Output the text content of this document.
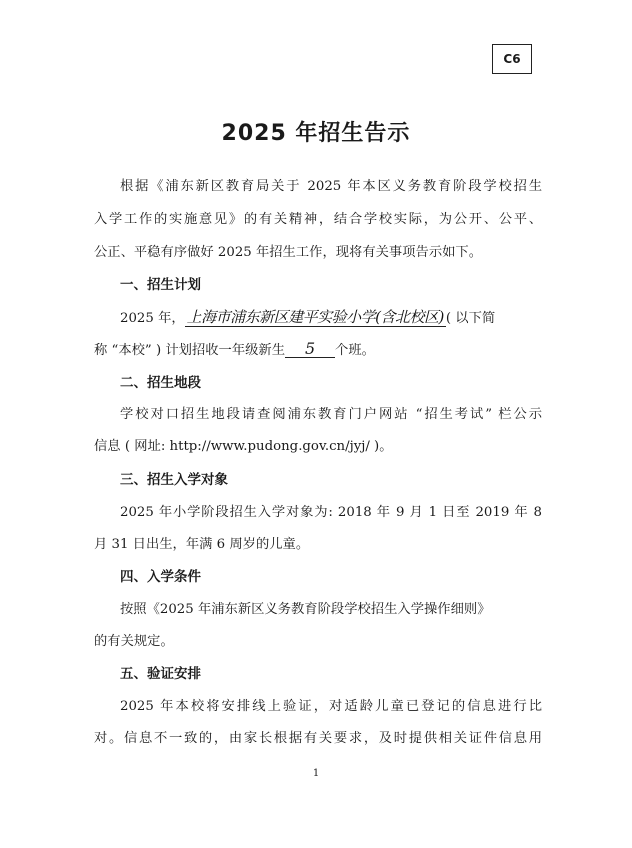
C6
2025 年招生告示
根据《浦东新区教育局关于 2025 年本区义务教育阶段学校招生
入学工作的实施意见》的有关精神，结合学校实际，为公开、公平、
公正、平稳有序做好 2025 年招生工作，现将有关事项告示如下。
一、招生计划
2025 年， 上海市浦东新区建平实验小学(含北校区) ( 以下简
称 “本校” ) 计划招收一年级新生 5 个班。
二、招生地段
学校对口招生地段请查阅浦东教育门户网站 “招生考试” 栏公示
信息 ( 网址: http://www.pudong.gov.cn/jyj/ )。
三、招生入学对象
2025 年小学阶段招生入学对象为: 2018 年 9 月 1 日至 2019 年 8
月 31 日出生，年满 6 周岁的儿童。
四、入学条件
按照《2025 年浦东新区义务教育阶段学校招生入学操作细则》
的有关规定。
五、验证安排
2025 年本校将安排线上验证，对适龄儿童已登记的信息进行比
对。信息不一致的，由家长根据有关要求，及时提供相关证件信息用
1
